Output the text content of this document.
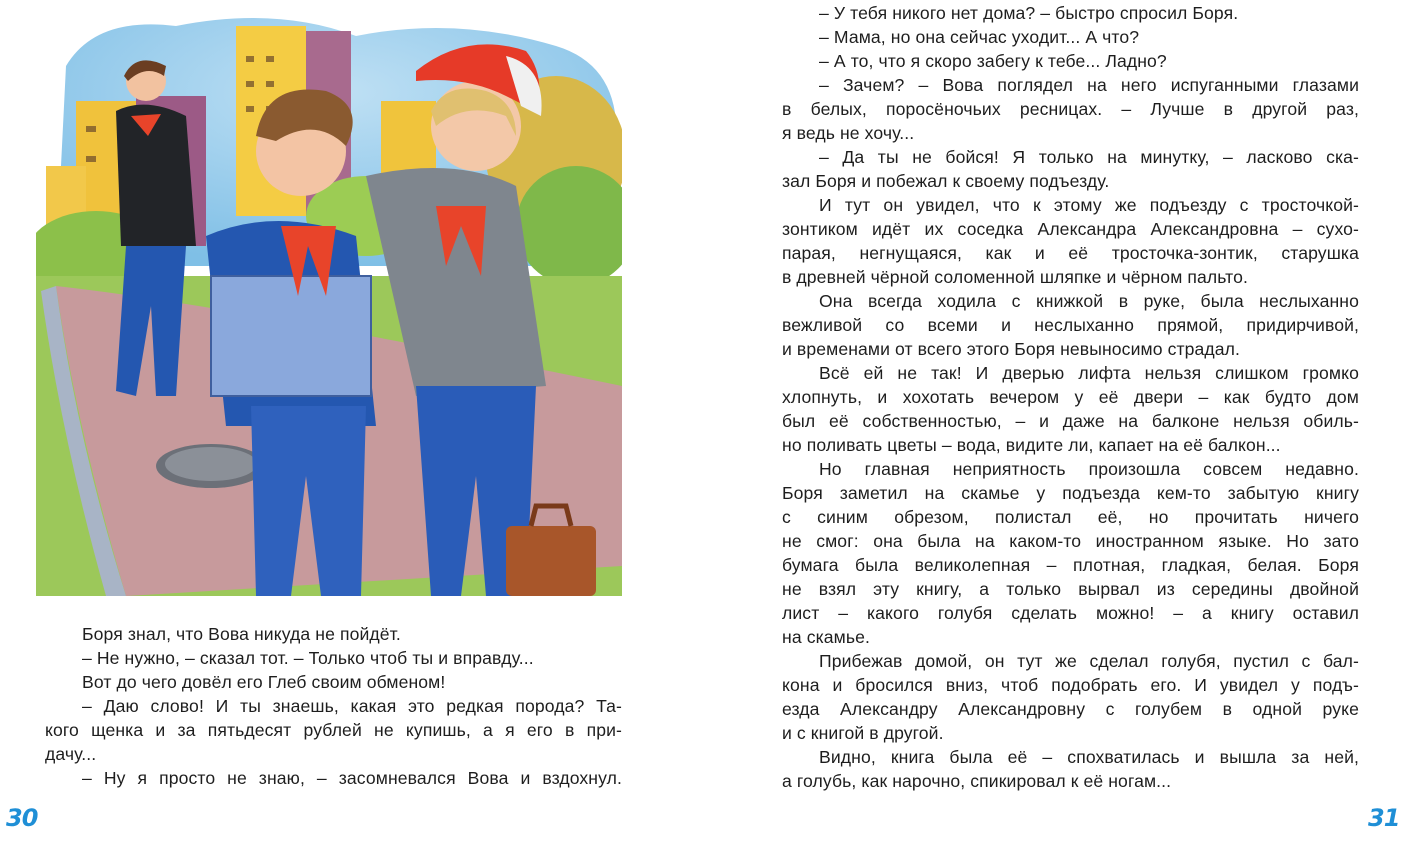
Боря знал, что Вова никуда не пойдёт.
– Не нужно, – сказал тот. – Только чтоб ты и вправду...
Вот до чего довёл его Глеб своим обменом!
– Даю слово! И ты знаешь, какая это редкая порода? Та-
кого щенка и за пятьдесят рублей не купишь, а я его в при-
дачу...
– Ну я просто не знаю, – засомневался Вова и вздохнул.
30
– У тебя никого нет дома? – быстро спросил Боря.
– Мама, но она сейчас уходит... А что?
– А то, что я скоро забегу к тебе... Ладно?
– Зачем? – Вова поглядел на него испуганными глазами
в белых, поросёночьих ресницах. – Лучше в другой раз,
я ведь не хочу...
– Да ты не бойся! Я только на минутку, – ласково ска-
зал Боря и побежал к своему подъезду.
И тут он увидел, что к этому же подъезду с тросточкой-
зонтиком идёт их соседка Александра Александровна – сухо-
парая, негнущаяся, как и её тросточка-зонтик, старушка
в древней чёрной соломенной шляпке и чёрном пальто.
Она всегда ходила с книжкой в руке, была неслыханно
вежливой со всеми и неслыханно прямой, придирчивой,
и временами от всего этого Боря невыносимо страдал.
Всё ей не так! И дверью лифта нельзя слишком громко
хлопнуть, и хохотать вечером у её двери – как будто дом
был её собственностью, – и даже на балконе нельзя обиль-
но поливать цветы – вода, видите ли, капает на её балкон...
Но главная неприятность произошла совсем недавно.
Боря заметил на скамье у подъезда кем-то забытую книгу
с синим обрезом, полистал её, но прочитать ничего
не смог: она была на каком-то иностранном языке. Но зато
бумага была великолепная – плотная, гладкая, белая. Боря
не взял эту книгу, а только вырвал из середины двойной
лист – какого голубя сделать можно! – а книгу оставил
на скамье.
Прибежав домой, он тут же сделал голубя, пустил с бал-
кона и бросился вниз, чтоб подобрать его. И увидел у подъ-
езда Александру Александровну с голубем в одной руке
и с книгой в другой.
Видно, книга была её – спохватилась и вышла за ней,
а голубь, как нарочно, спикировал к её ногам...
31
